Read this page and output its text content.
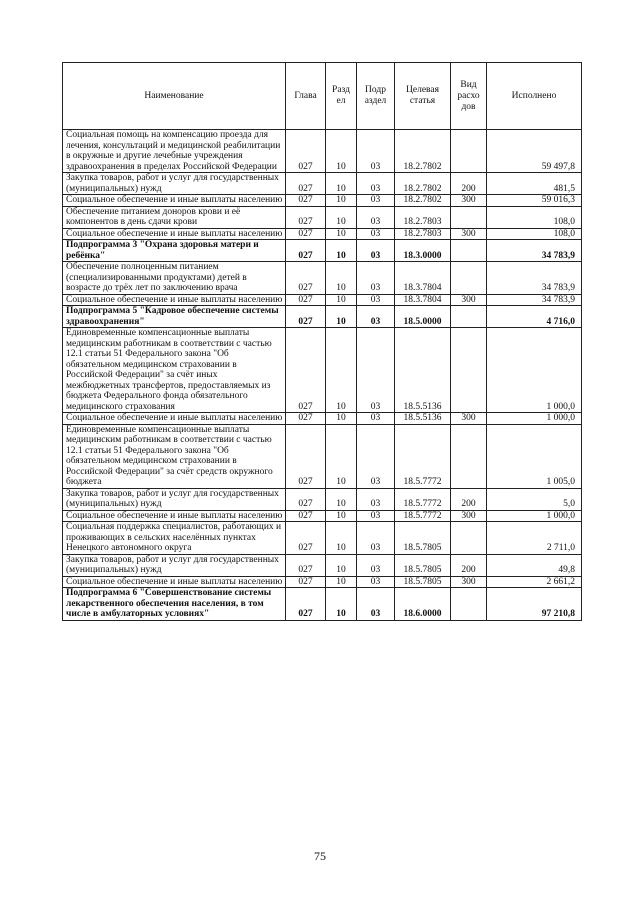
Наименование	Глава	Разд ел	Подр аздел	Целевая статья	Вид расхо дов	Исполнено
Социальная помощь на компенсацию проезда для лечения, консультаций и медицинской реабилитации в окружные и другие лечебные учреждения здравоохранения в пределах Российской Федерации	027	10	03	18.2.7802		59 497,8
Закупка товаров, работ и услуг для государственных (муниципальных) нужд	027	10	03	18.2.7802	200	481,5
Социальное обеспечение и иные выплаты населению	027	10	03	18.2.7802	300	59 016,3
Обеспечение питанием доноров крови и её компонентов в день сдачи крови	027	10	03	18.2.7803		108,0
Социальное обеспечение и иные выплаты населению	027	10	03	18.2.7803	300	108,0
Подпрограмма 3 "Охрана здоровья матери и ребёнка"	027	10	03	18.3.0000		34 783,9
Обеспечение полноценным питанием (специализированными продуктами) детей в возрасте до трёх лет по заключению врача	027	10	03	18.3.7804		34 783,9
Социальное обеспечение и иные выплаты населению	027	10	03	18.3.7804	300	34 783,9
Подпрограмма 5 "Кадровое обеспечение системы здравоохранения"	027	10	03	18.5.0000		4 716,0
Единовременные компенсационные выплаты медицинским работникам в соответствии с частью 12.1 статьи 51 Федерального закона "Об обязательном медицинском страховании в Российской Федерации" за счёт иных межбюджетных трансфертов, предоставляемых из бюджета Федерального фонда обязательного медицинского страхования	027	10	03	18.5.5136		1 000,0
Социальное обеспечение и иные выплаты населению	027	10	03	18.5.5136	300	1 000,0
Единовременные компенсационные выплаты медицинским работникам в соответствии с частью 12.1 статьи 51 Федерального закона "Об обязательном медицинском страховании в Российской Федерации" за счёт средств окружного бюджета	027	10	03	18.5.7772		1 005,0
Закупка товаров, работ и услуг для государственных (муниципальных) нужд	027	10	03	18.5.7772	200	5,0
Социальное обеспечение и иные выплаты населению	027	10	03	18.5.7772	300	1 000,0
Социальная поддержка специалистов, работающих и проживающих в сельских населённых пунктах Ненецкого автономного округа	027	10	03	18.5.7805		2 711,0
Закупка товаров, работ и услуг для государственных (муниципальных) нужд	027	10	03	18.5.7805	200	49,8
Социальное обеспечение и иные выплаты населению	027	10	03	18.5.7805	300	2 661,2
Подпрограмма 6 "Совершенствование системы лекарственного обеспечения населения, в том числе в амбулаторных условиях"	027	10	03	18.6.0000		97 210,8
75
